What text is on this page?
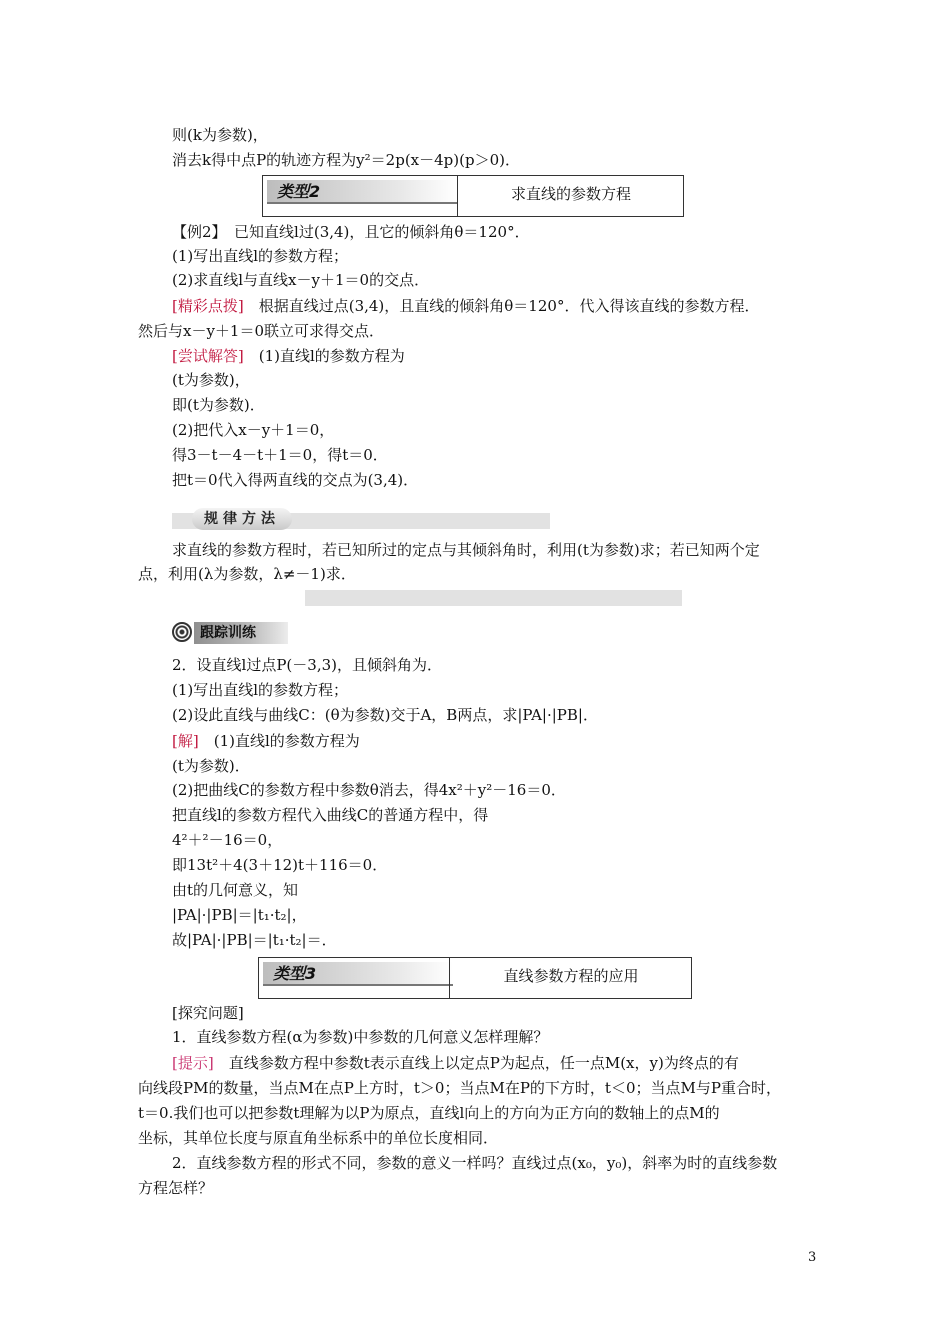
则(k为参数)，
消去k得中点P的轨迹方程为y²＝2p(x－4p)(p＞0)．
类型2	求直线的参数方程
【例2】　已知直线l过(3,4)，且它的倾斜角θ＝120°．
(1)写出直线l的参数方程；
(2)求直线l与直线x－y＋1＝0的交点．
[精彩点拨]　根据直线过点(3,4)，且直线的倾斜角θ＝120°．代入得该直线的参数方程．
然后与x－y＋1＝0联立可求得交点．
[尝试解答]　(1)直线l的参数方程为
(t为参数)，
即(t为参数)．
(2)把代入x－y＋1＝0，
得3－t－4－t＋1＝0，得t＝0．
把t＝0代入得两直线的交点为(3,4)．
规律方法
求直线的参数方程时，若已知所过的定点与其倾斜角时，利用(t为参数)求；若已知两个定
点，利用(λ为参数，λ≠－1)求．
跟踪训练
2．设直线l过点P(－3,3)，且倾斜角为．
(1)写出直线l的参数方程；
(2)设此直线与曲线C：(θ为参数)交于A，B两点，求|PA|·|PB|．
[解]　(1)直线l的参数方程为
(t为参数)．
(2)把曲线C的参数方程中参数θ消去，得4x²＋y²－16＝0．
把直线l的参数方程代入曲线C的普通方程中，得
4²＋²－16＝0，
即13t²＋4(3＋12)t＋116＝0．
由t的几何意义，知
|PA|·|PB|＝|t₁·t₂|，
故|PA|·|PB|＝|t₁·t₂|＝．
类型3	直线参数方程的应用
[探究问题]
1．直线参数方程(α为参数)中参数的几何意义怎样理解？
[提示]　直线参数方程中参数t表示直线上以定点P为起点，任一点M(x，y)为终点的有
向线段PM的数量，当点M在点P上方时，t＞0；当点M在P的下方时，t＜0；当点M与P重合时，
t＝0.我们也可以把参数t理解为以P为原点，直线l向上的方向为正方向的数轴上的点M的
坐标，其单位长度与原直角坐标系中的单位长度相同．
2．直线参数方程的形式不同，参数的意义一样吗？直线过点(x₀，y₀)，斜率为时的直线参数
方程怎样？
3
